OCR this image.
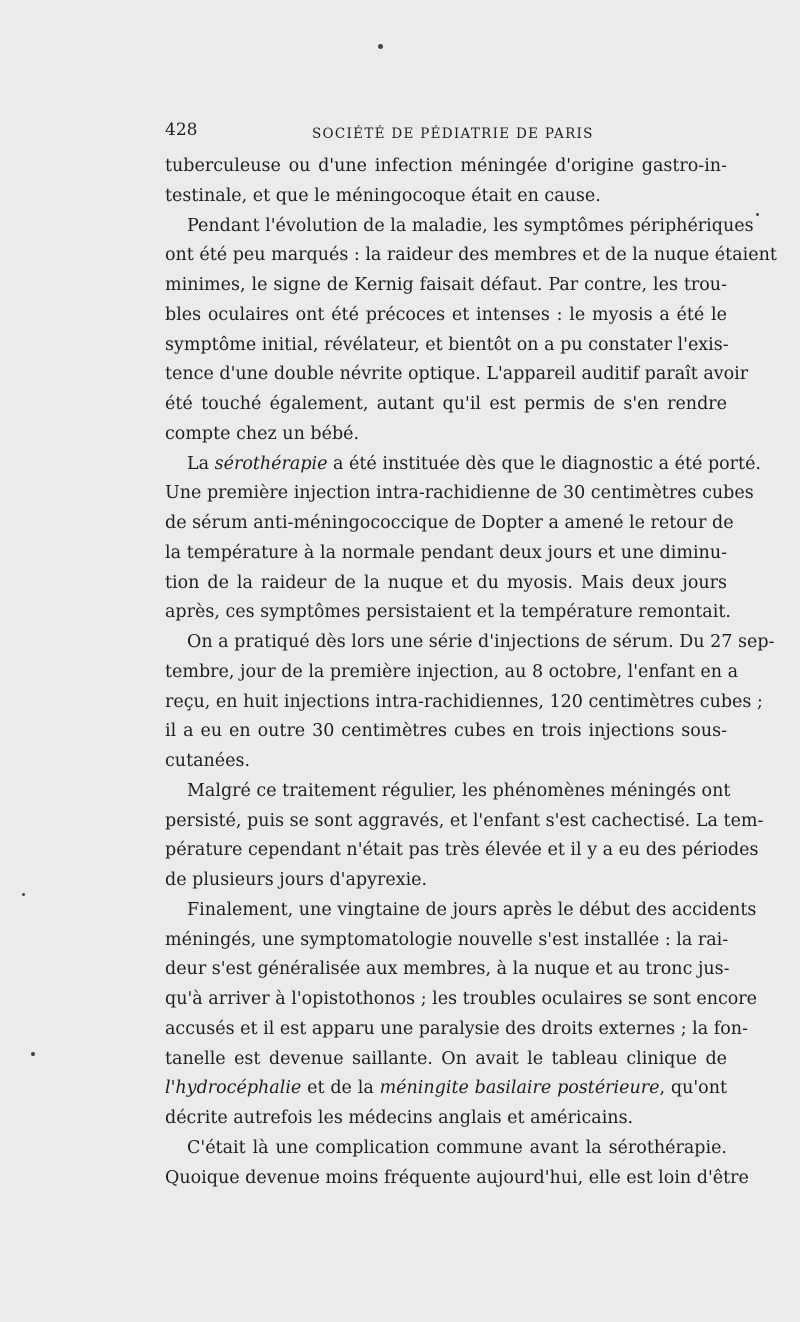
428	SOCIÉTÉ DE PÉDIATRIE DE PARIS

tuberculeuse ou d'une infection méningée d'origine gastro-in-
testinale, et que le méningocoque était en cause.

Pendant l'évolution de la maladie, les symptômes périphériques
ont été peu marqués : la raideur des membres et de la nuque étaient
minimes, le signe de Kernig faisait défaut. Par contre, les trou-
bles oculaires ont été précoces et intenses : le myosis a été le
symptôme initial, révélateur, et bientôt on a pu constater l'exis-
tence d'une double névrite optique. L'appareil auditif paraît avoir
été touché également, autant qu'il est permis de s'en rendre
compte chez un bébé.

La sérothérapie a été instituée dès que le diagnostic a été porté.
Une première injection intra-rachidienne de 30 centimètres cubes
de sérum anti-méningococcique de Dopter a amené le retour de
la température à la normale pendant deux jours et une diminu-
tion de la raideur de la nuque et du myosis. Mais deux jours
après, ces symptômes persistaient et la température remontait.

On a pratiqué dès lors une série d'injections de sérum. Du 27 sep-
tembre, jour de la première injection, au 8 octobre, l'enfant en a
reçu, en huit injections intra-rachidiennes, 120 centimètres cubes ;
il a eu en outre 30 centimètres cubes en trois injections sous-
cutanées.

Malgré ce traitement régulier, les phénomènes méningés ont
persisté, puis se sont aggravés, et l'enfant s'est cachectisé. La tem-
pérature cependant n'était pas très élevée et il y a eu des périodes
de plusieurs jours d'apyrexie.

Finalement, une vingtaine de jours après le début des accidents
méningés, une symptomatologie nouvelle s'est installée : la rai-
deur s'est généralisée aux membres, à la nuque et au tronc jus-
qu'à arriver à l'opistothonos ; les troubles oculaires se sont encore
accusés et il est apparu une paralysie des droits externes ; la fon-
tanelle est devenue saillante. On avait le tableau clinique de
l'hydrocéphalie et de la méningite basilaire postérieure, qu'ont
décrite autrefois les médecins anglais et américains.

C'était là une complication commune avant la sérothérapie.
Quoique devenue moins fréquente aujourd'hui, elle est loin d'être
